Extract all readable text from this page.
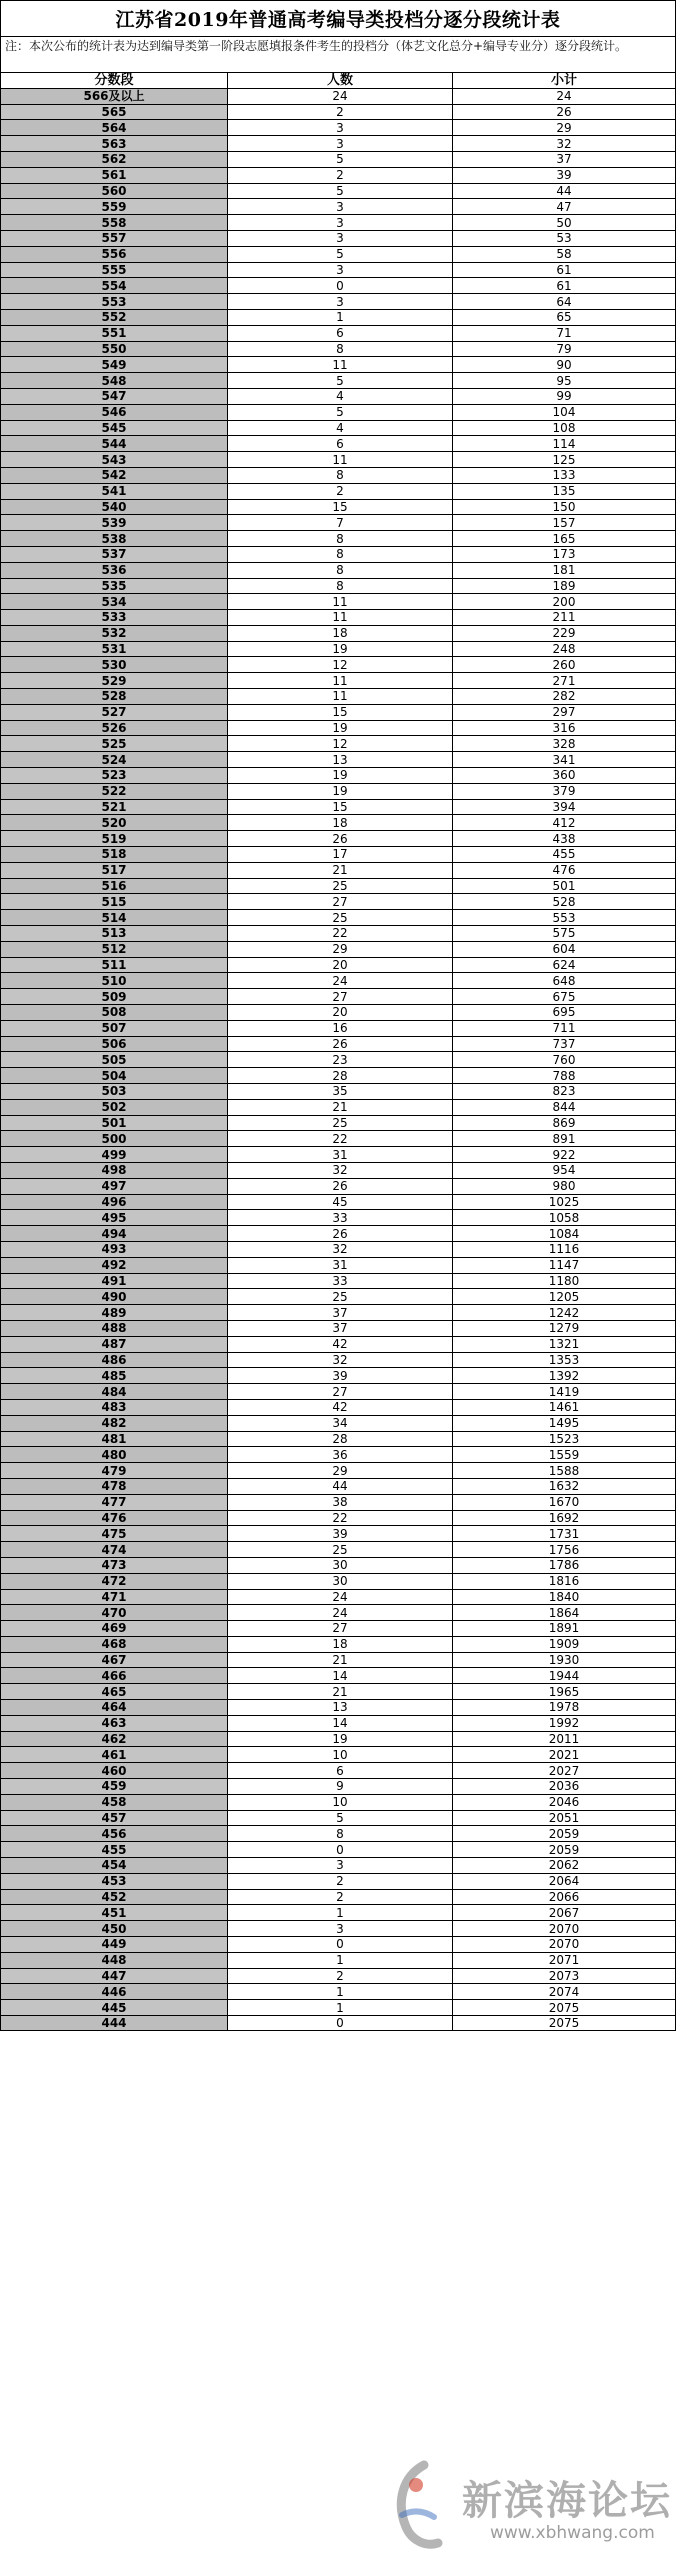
江苏省2019年普通高考编导类投档分逐分段统计表
注：本次公布的统计表为达到编导类第一阶段志愿填报条件考生的投档分（体艺文化总分+编导专业分）逐分段统计。
分数段	人数	小计
566及以上	24	24
565	2	26
564	3	29
563	3	32
562	5	37
561	2	39
560	5	44
559	3	47
558	3	50
557	3	53
556	5	58
555	3	61
554	0	61
553	3	64
552	1	65
551	6	71
550	8	79
549	11	90
548	5	95
547	4	99
546	5	104
545	4	108
544	6	114
543	11	125
542	8	133
541	2	135
540	15	150
539	7	157
538	8	165
537	8	173
536	8	181
535	8	189
534	11	200
533	11	211
532	18	229
531	19	248
530	12	260
529	11	271
528	11	282
527	15	297
526	19	316
525	12	328
524	13	341
523	19	360
522	19	379
521	15	394
520	18	412
519	26	438
518	17	455
517	21	476
516	25	501
515	27	528
514	25	553
513	22	575
512	29	604
511	20	624
510	24	648
509	27	675
508	20	695
507	16	711
506	26	737
505	23	760
504	28	788
503	35	823
502	21	844
501	25	869
500	22	891
499	31	922
498	32	954
497	26	980
496	45	1025
495	33	1058
494	26	1084
493	32	1116
492	31	1147
491	33	1180
490	25	1205
489	37	1242
488	37	1279
487	42	1321
486	32	1353
485	39	1392
484	27	1419
483	42	1461
482	34	1495
481	28	1523
480	36	1559
479	29	1588
478	44	1632
477	38	1670
476	22	1692
475	39	1731
474	25	1756
473	30	1786
472	30	1816
471	24	1840
470	24	1864
469	27	1891
468	18	1909
467	21	1930
466	14	1944
465	21	1965
464	13	1978
463	14	1992
462	19	2011
461	10	2021
460	6	2027
459	9	2036
458	10	2046
457	5	2051
456	8	2059
455	0	2059
454	3	2062
453	2	2064
452	2	2066
451	1	2067
450	3	2070
449	0	2070
448	1	2071
447	2	2073
446	1	2074
445	1	2075
444	0	2075
新滨海论坛
www.xbhwang.com
